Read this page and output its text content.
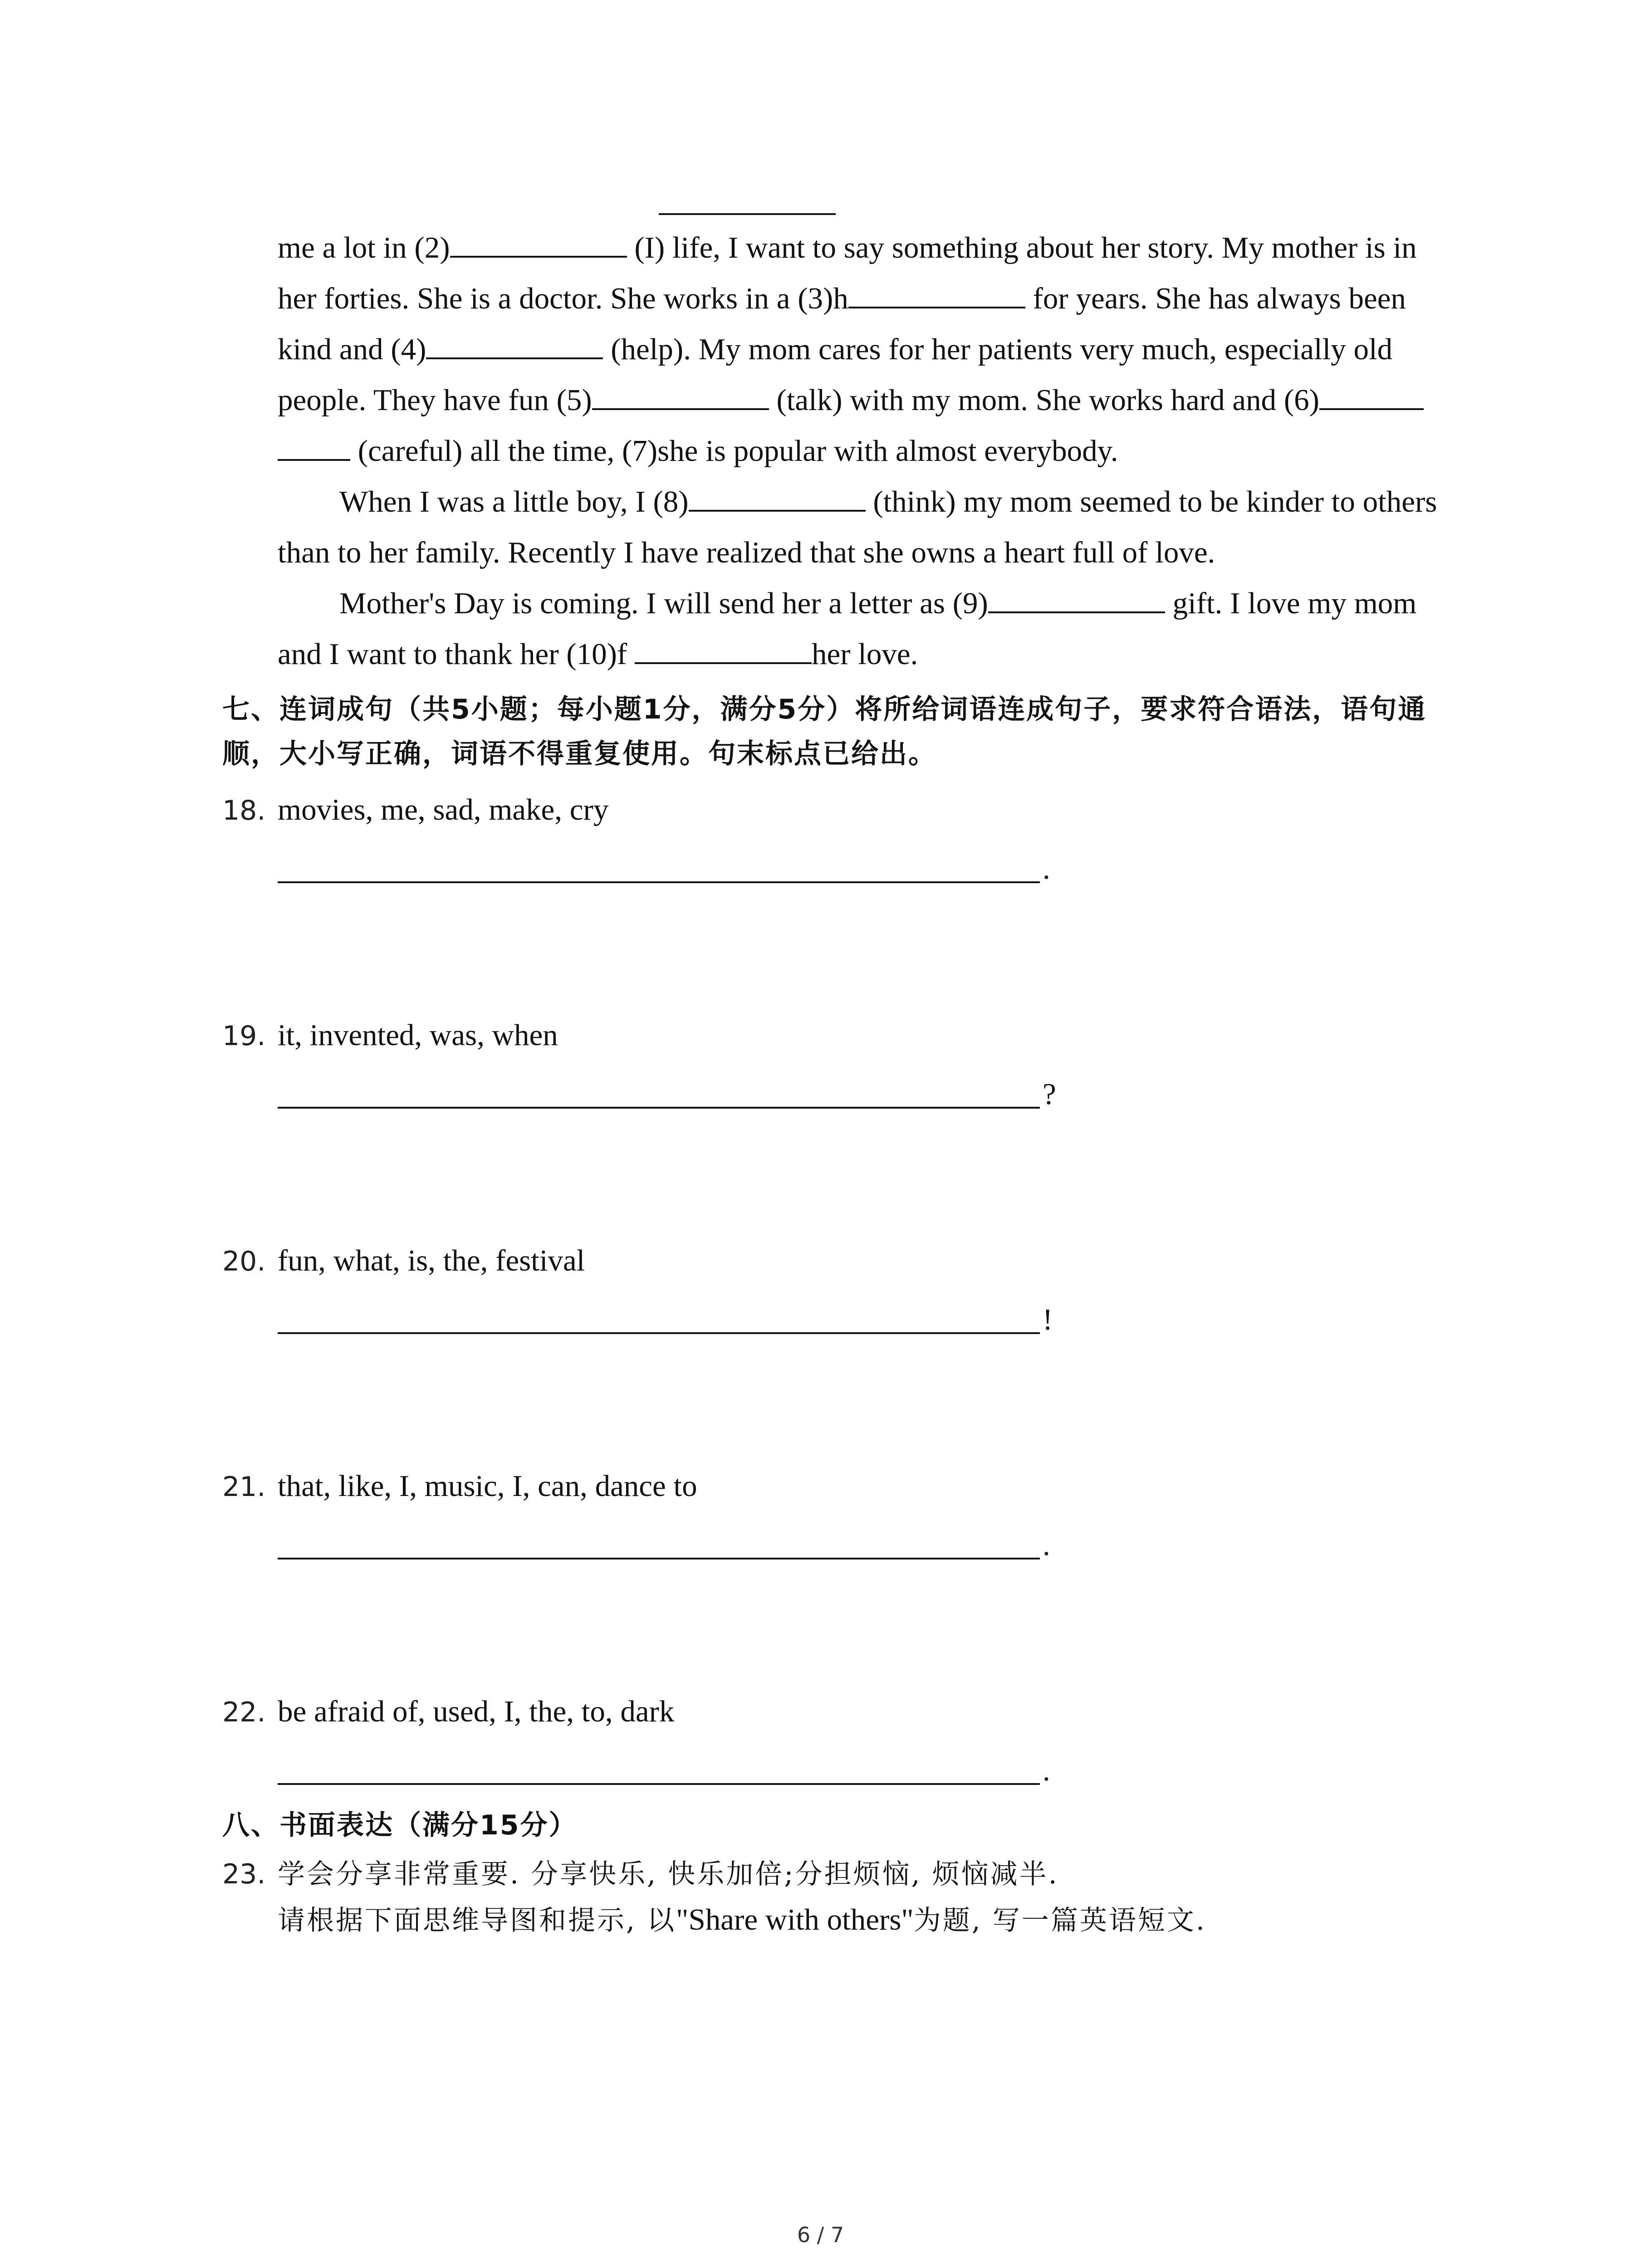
me a lot in (2)	(I) life, I want to say something about her story. My mother is in

her forties. She is a doctor. She works in a (3)h	for years. She has always been

kind and (4)	(help). My mom cares for her patients very much, especially old

people. They have fun (5)	(talk) with my mom. She works hard and (6)

(careful) all the time, (7)she is popular with almost everybody.

When I was a little boy, I (8)	(think) my mom seemed to be kinder to others than to her family. Recently I have realized that she owns a heart full of love.

Mother's Day is coming. I will send her a letter as (9)	gift. I love my mom and I want to thank her (10)f	her love.

七、连词成句（共5小题；每小题1分，满分5分）将所给词语连成句子，要求符合语法，语句通顺，大小写正确，词语不得重复使用。句末标点已给出。
18. movies, me, sad, make, cry
.
19. it, invented, was, when
?
20. fun, what, is, the, festival
!
21. that, like, I, music, I, can, dance to
.
22. be afraid of, used, I, the, to, dark
.
八、书面表达（满分15分）
23. 学会分享非常重要. 分享快乐, 快乐加倍;分担烦恼, 烦恼减半.
请根据下面思维导图和提示, 以"Share with others"为题, 写一篇英语短文.
6 / 7
